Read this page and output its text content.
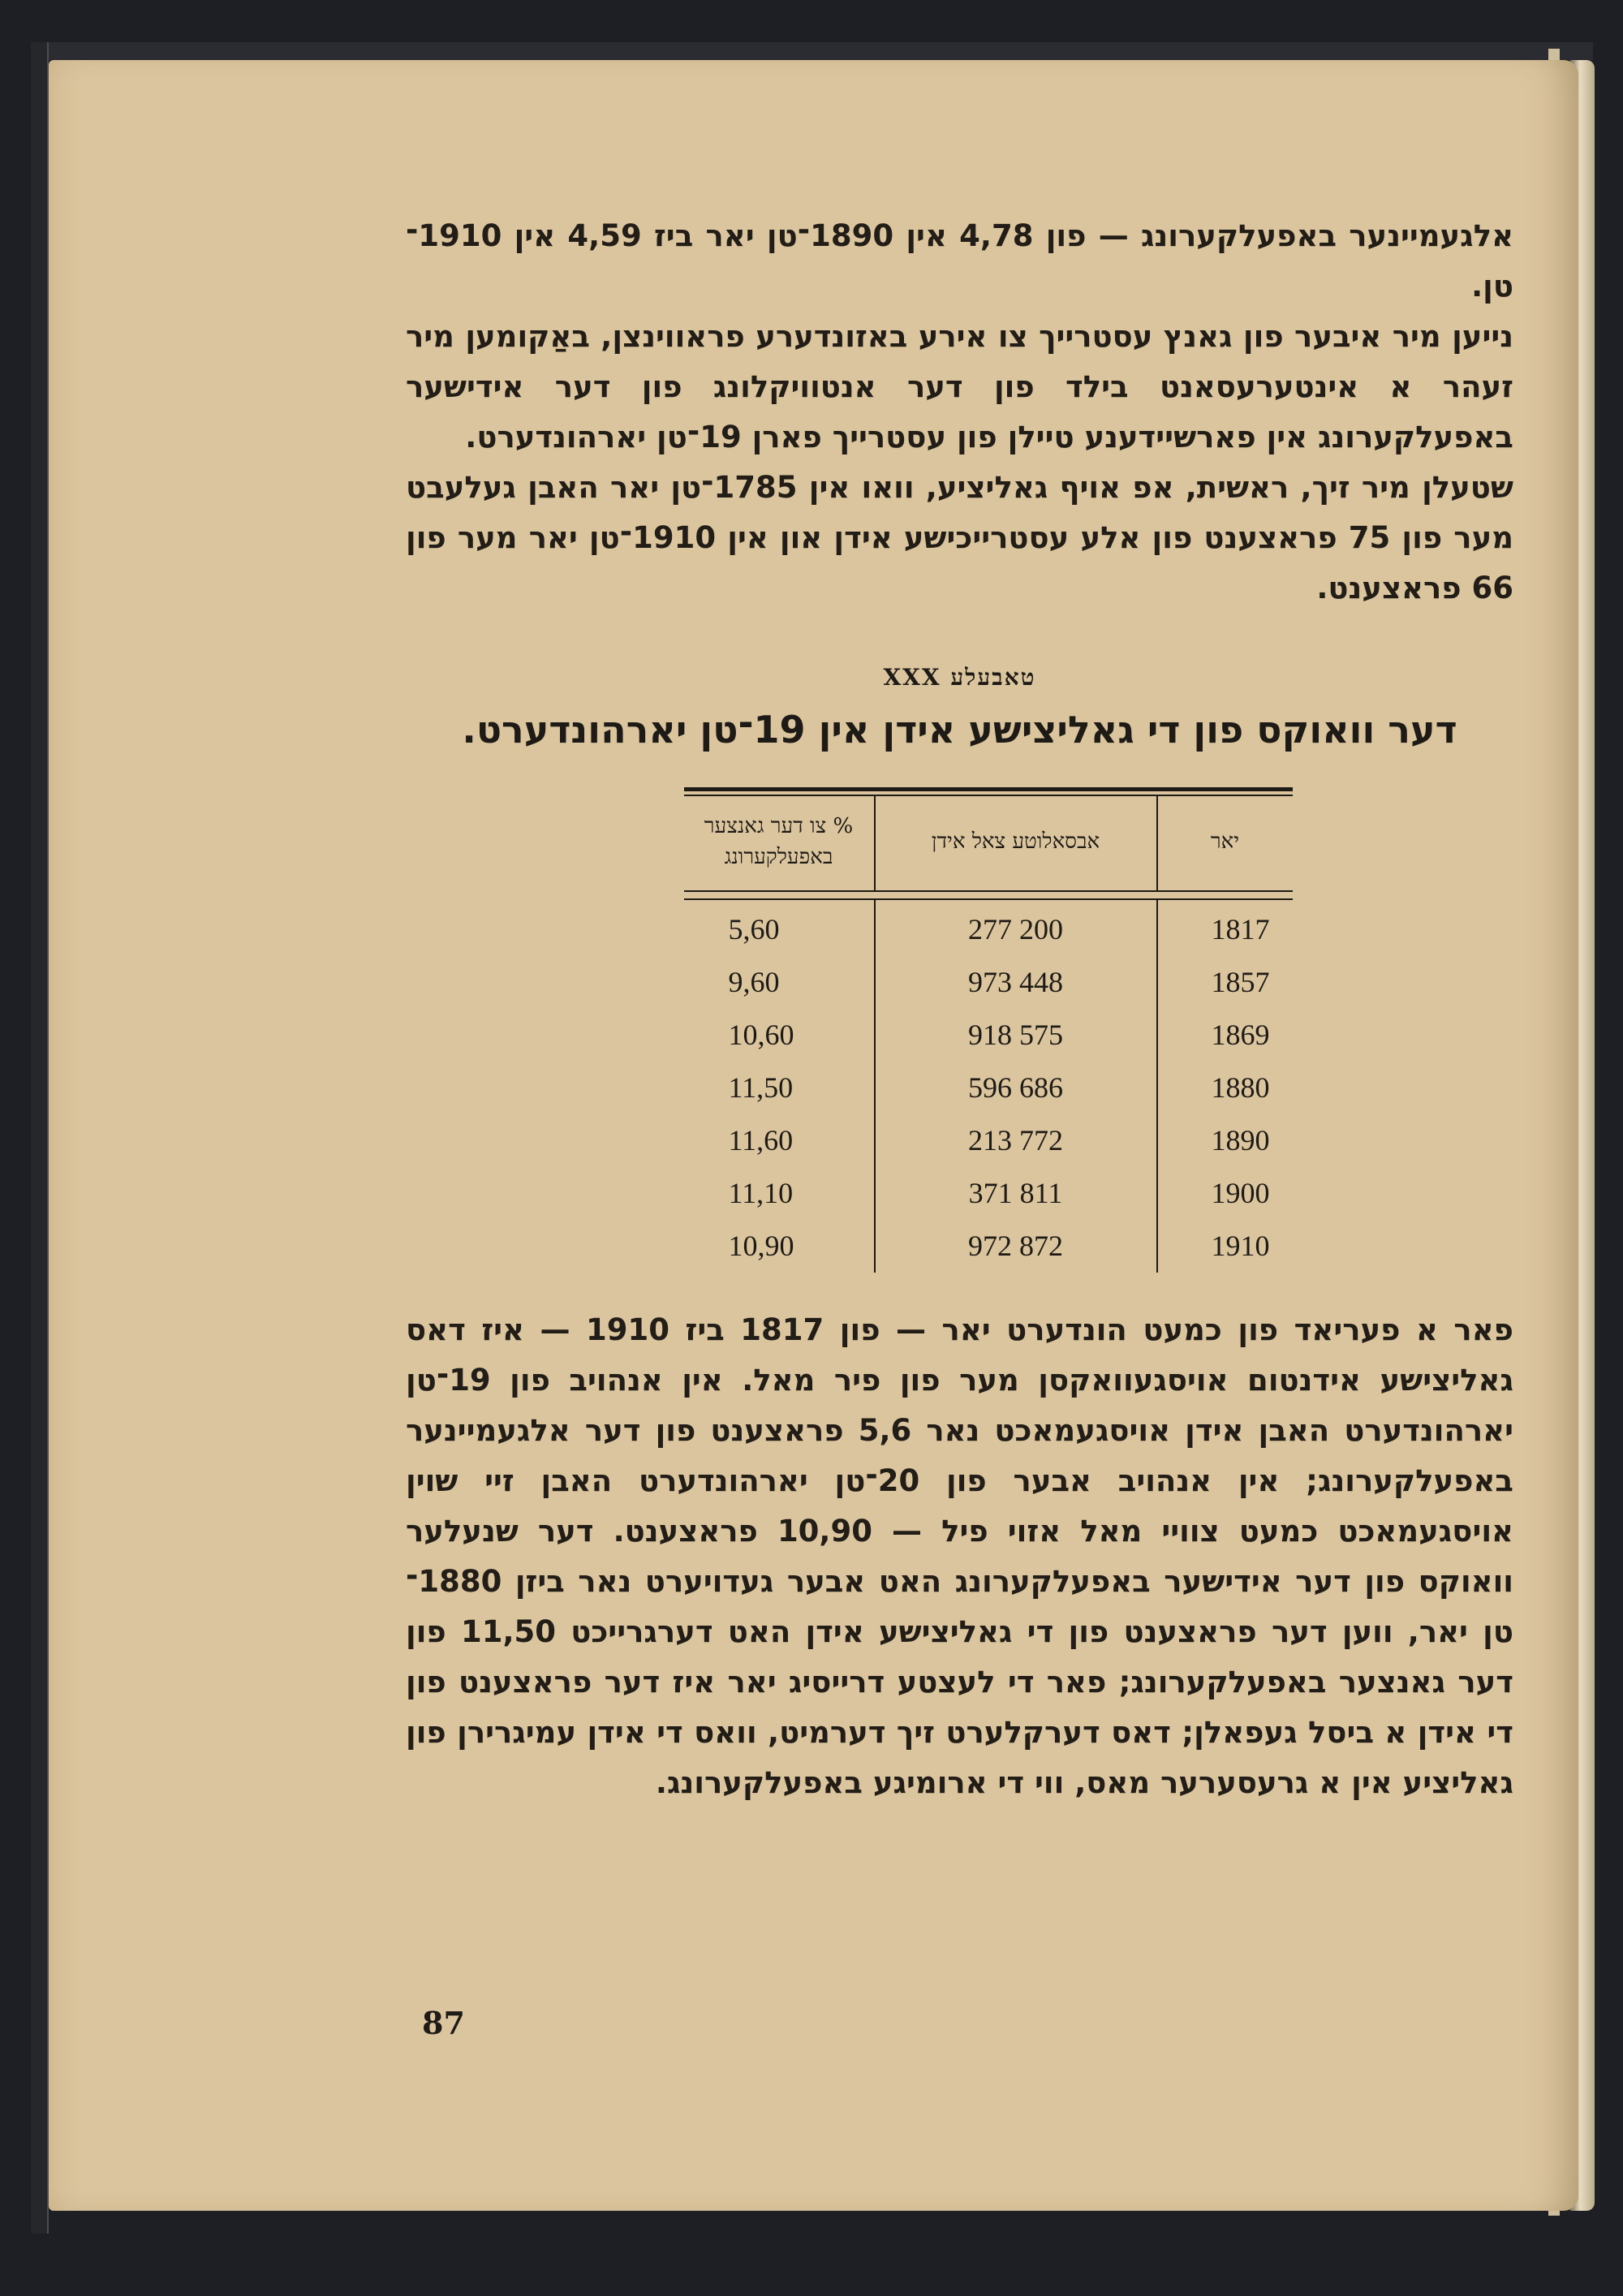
אלגעמיינער באפעלקערונג — פון 4,78 אין 1890־טן יאר ביז 4,59 אין 1910־טן.

נייען מיר איבער פון גאנץ עסטרייך צו אירע באזונדערע פראווינצן, באַקומען מיר זעהר א אינטערעסאנט בילד פון דער אנטוויקלונג פון דער אידישער באפעלקערונג אין פארשיידענע טיילן פון עסטרייך פארן 19־טן יארהונדערט.

שטעלן מיר זיך, ראשית, אפ אויף גאליציע, וואו אין 1785־טן יאר האבן געלעבט מער פון 75 פראצענט פון אלע עסטרייכישע אידן און אין 1910־טן יאר מער פון 66 פראצענט.

טאבעלע XXX
דער וואוקס פון די גאליצישע אידן אין 19־טן יארהונדערט.
יאר	אבסאלוטע צאל אידן	% צו דער גאנצער באפעלקערונג

1817	200 277	5,60
1857	448 973	9,60
1869	575 918	10,60
1880	686 596	11,50
1890	772 213	11,60
1900	811 371	11,10
1910	872 972	10,90

פאר א פעריאד פון כמעט הונדערט יאר — פון 1817 ביז 1910 — איז דאס גאליצישע אידנטום אויסגעוואקסן מער פון פיר מאל. אין אנהויב פון 19־טן יארהונדערט האבן אידן אויסגעמאכט נאר 5,6 פראצענט פון דער אלגעמיינער באפעלקערונג; אין אנהויב אבער פון 20־טן יארהונדערט האבן זיי שוין אויסגעמאכט כמעט צוויי מאל אזוי פיל — 10,90 פראצענט. דער שנעלער וואוקס פון דער אידישער באפעלקערונג האט אבער געדויערט נאר ביזן 1880־טן יאר, ווען דער פראצענט פון די גאליצישע אידן האט דערגרייכט 11,50 פון דער גאנצער באפעלקערונג; פאר די לעצטע דרייסיג יאר איז דער פראצענט פון די אידן א ביסל געפאלן; דאס דערקלערט זיך דערמיט, וואס די אידן עמיגרירן פון גאליציע אין א גרעסערער מאס, ווי די ארומיגע באפעלקערונג.

87
